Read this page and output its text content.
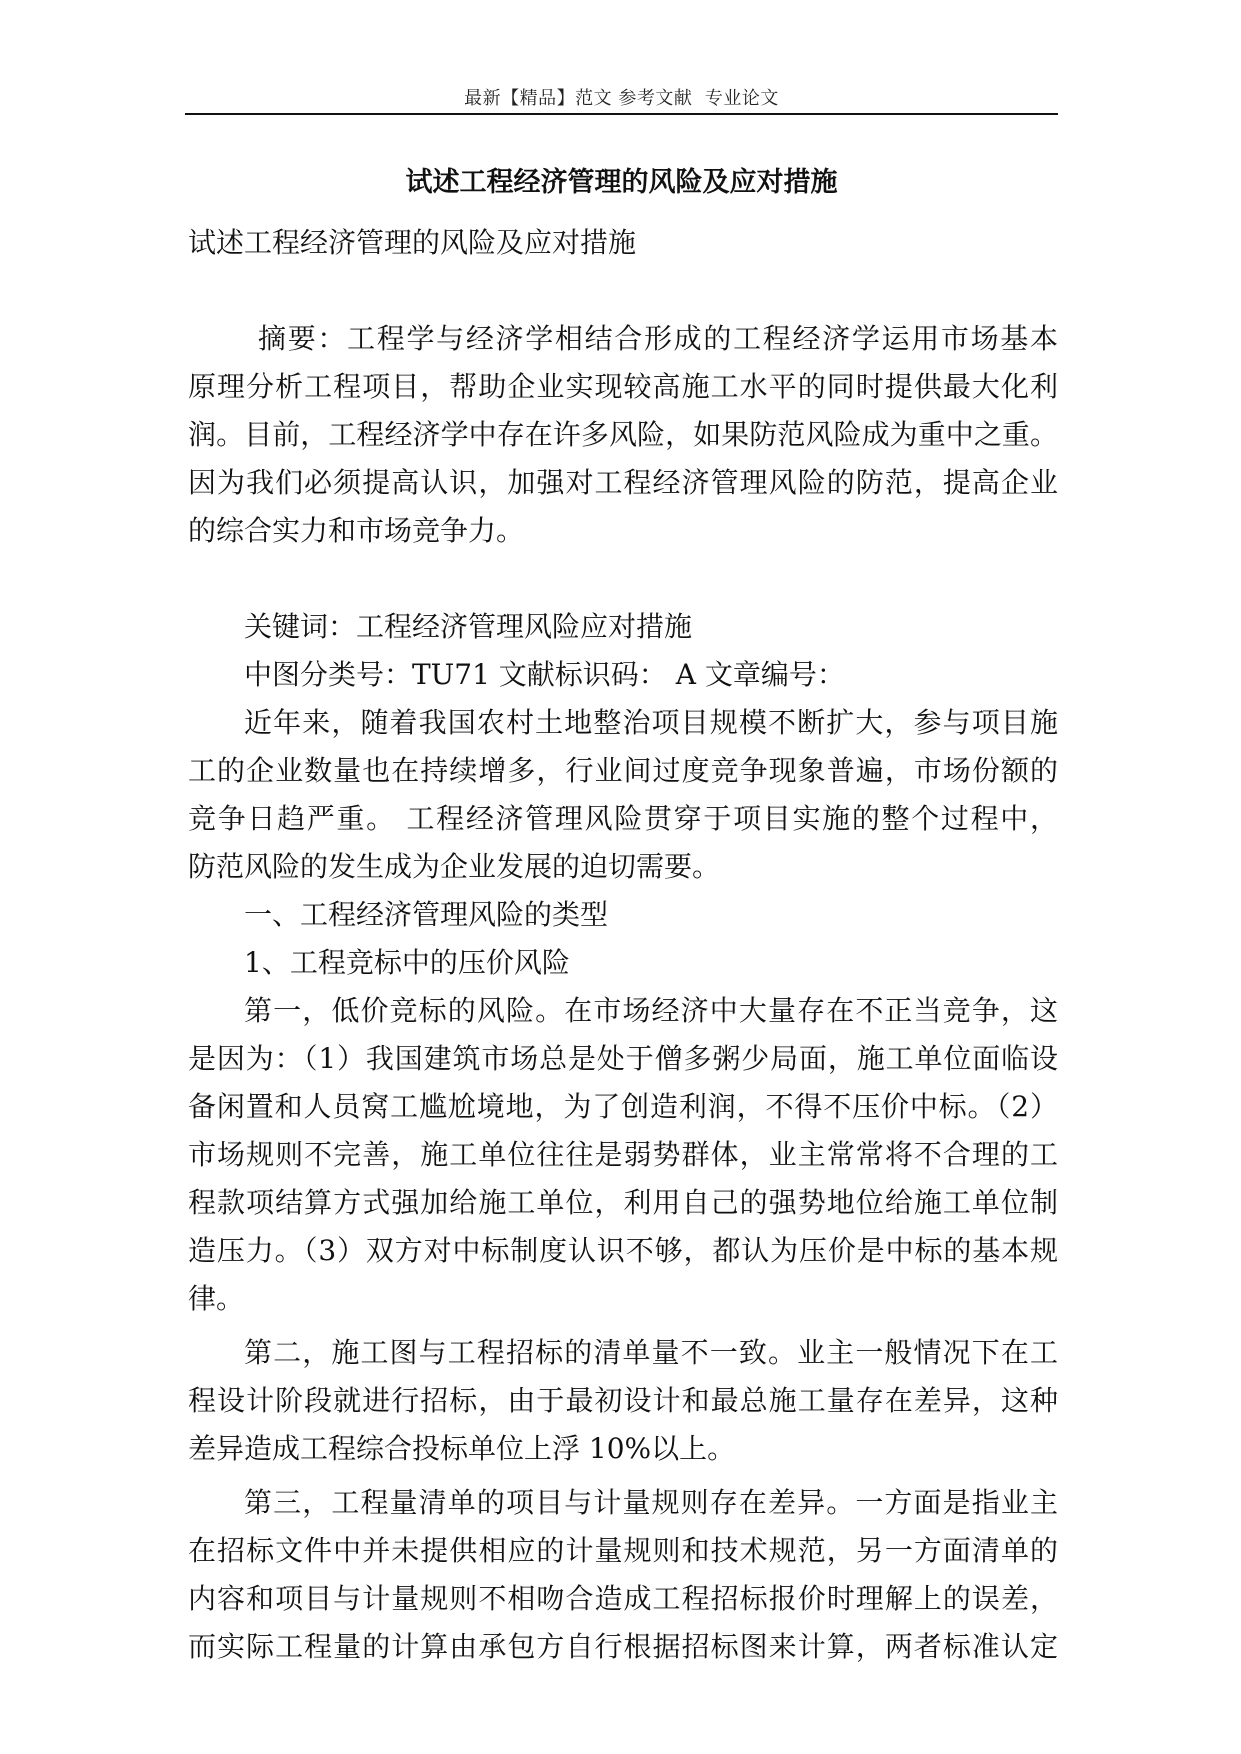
最新【精品】范文 参考文献  专业论文
试述工程经济管理的风险及应对措施
试述工程经济管理的风险及应对措施
摘要：工程学与经济学相结合形成的工程经济学运用市场基本
原理分析工程项目，帮助企业实现较高施工水平的同时提供最大化利
润。目前，工程经济学中存在许多风险，如果防范风险成为重中之重。
因为我们必须提高认识，加强对工程经济管理风险的防范，提高企业
的综合实力和市场竞争力。
关键词：工程经济管理风险应对措施
中图分类号：TU71 文献标识码： A 文章编号：
近年来，随着我国农村土地整治项目规模不断扩大，参与项目施
工的企业数量也在持续增多，行业间过度竞争现象普遍，市场份额的
竞争日趋严重。 工程经济管理风险贯穿于项目实施的整个过程中，
防范风险的发生成为企业发展的迫切需要。
一、工程经济管理风险的类型
1、工程竞标中的压价风险
第一，低价竞标的风险。在市场经济中大量存在不正当竞争，这
是因为：（1）我国建筑市场总是处于僧多粥少局面，施工单位面临设
备闲置和人员窝工尴尬境地，为了创造利润，不得不压价中标。（2）
市场规则不完善，施工单位往往是弱势群体，业主常常将不合理的工
程款项结算方式强加给施工单位，利用自己的强势地位给施工单位制
造压力。（3）双方对中标制度认识不够，都认为压价是中标的基本规
律。
第二，施工图与工程招标的清单量不一致。业主一般情况下在工
程设计阶段就进行招标，由于最初设计和最总施工量存在差异，这种
差异造成工程综合投标单位上浮 10%以上。
第三，工程量清单的项目与计量规则存在差异。一方面是指业主
在招标文件中并未提供相应的计量规则和技术规范，另一方面清单的
内容和项目与计量规则不相吻合造成工程招标报价时理解上的误差，
而实际工程量的计算由承包方自行根据招标图来计算，两者标准认定
